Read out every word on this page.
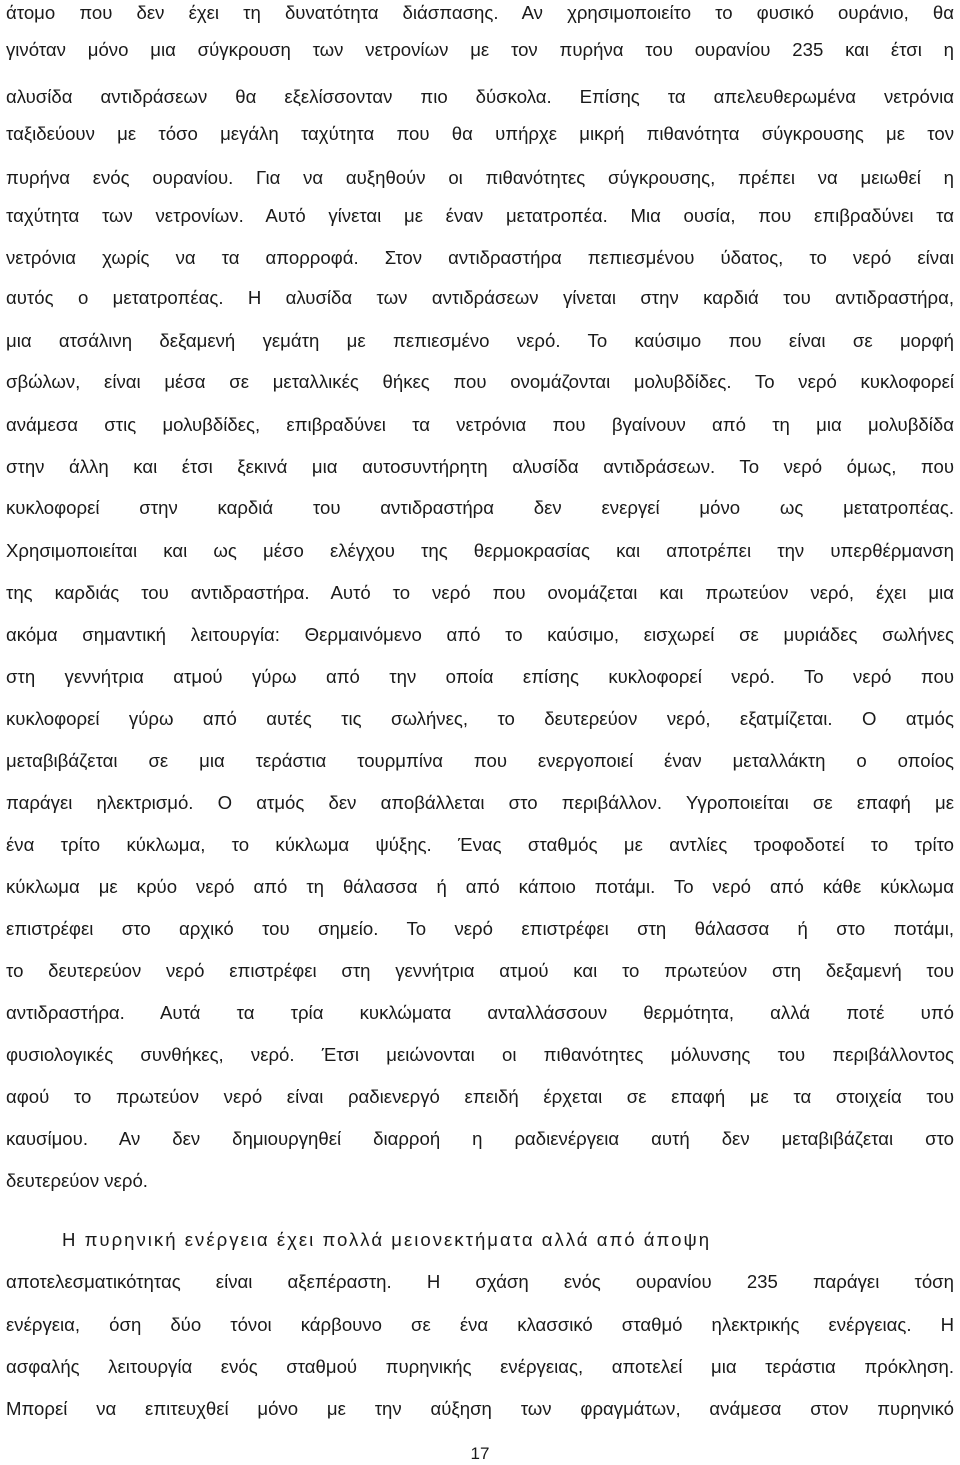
άτομο που δεν έχει τη δυνατότητα διάσπασης. Αν χρησιμοποιείτο το φυσικό ουράνιο, θα
γινόταν μόνο μια σύγκρουση των νετρονίων με τον πυρήνα του ουρανίου 235 και έτσι η
αλυσίδα αντιδράσεων θα εξελίσσονταν πιο δύσκολα. Επίσης τα απελευθερωμένα νετρόνια
ταξιδεύουν με τόσο μεγάλη ταχύτητα που θα υπήρχε μικρή πιθανότητα σύγκρουσης με τον
πυρήνα ενός ουρανίου. Για να αυξηθούν οι πιθανότητες σύγκρουσης, πρέπει να μειωθεί η
ταχύτητα των νετρονίων. Αυτό γίνεται με έναν μετατροπέα. Μια ουσία, που επιβραδύνει τα
νετρόνια χωρίς να τα απορροφά. Στον αντιδραστήρα πεπιεσμένου ύδατος, το νερό είναι
αυτός ο μετατροπέας. Η αλυσίδα των αντιδράσεων γίνεται στην καρδιά του αντιδραστήρα,
μια ατσάλινη δεξαμενή γεμάτη με πεπιεσμένο νερό. Το καύσιμο που είναι σε μορφή
σβώλων, είναι μέσα σε μεταλλικές θήκες που ονομάζονται μολυβδίδες. Το νερό κυκλοφορεί
ανάμεσα στις μολυβδίδες, επιβραδύνει τα νετρόνια που βγαίνουν από τη μια μολυβδίδα
στην άλλη και έτσι ξεκινά μια αυτοσυντήρητη αλυσίδα αντιδράσεων. Το νερό όμως, που
κυκλοφορεί στην καρδιά του αντιδραστήρα δεν ενεργεί μόνο ως μετατροπέας.
Χρησιμοποιείται και ως μέσο ελέγχου της θερμοκρασίας και αποτρέπει την υπερθέρμανση
της καρδιάς του αντιδραστήρα. Αυτό το νερό που ονομάζεται και πρωτεύον νερό, έχει μια
ακόμα σημαντική λειτουργία: Θερμαινόμενο από το καύσιμο, εισχωρεί σε μυριάδες σωλήνες
στη γεννήτρια ατμού γύρω από την οποία επίσης κυκλοφορεί νερό. Το νερό που
κυκλοφορεί γύρω από αυτές τις σωλήνες, το δευτερεύον νερό, εξατμίζεται. Ο ατμός
μεταβιβάζεται σε μια τεράστια τουρμπίνα που ενεργοποιεί έναν μεταλλάκτη ο οποίος
παράγει ηλεκτρισμό. Ο ατμός δεν αποβάλλεται στο περιβάλλον. Υγροποιείται σε επαφή με
ένα τρίτο κύκλωμα, το κύκλωμα ψύξης. Ένας σταθμός με αντλίες τροφοδοτεί το τρίτο
κύκλωμα με κρύο νερό από τη θάλασσα ή από κάποιο ποτάμι. Το νερό από κάθε κύκλωμα
επιστρέφει στο αρχικό του σημείο. Το νερό επιστρέφει στη θάλασσα ή στο ποτάμι,
το δευτερεύον νερό επιστρέφει στη γεννήτρια ατμού και το πρωτεύον στη δεξαμενή του
αντιδραστήρα. Αυτά τα τρία κυκλώματα ανταλλάσσουν θερμότητα, αλλά ποτέ υπό
φυσιολογικές συνθήκες, νερό. Έτσι μειώνονται οι πιθανότητες μόλυνσης του περιβάλλοντος
αφού το πρωτεύον νερό είναι ραδιενεργό επειδή έρχεται σε επαφή με τα στοιχεία του
καυσίμου. Αν δεν δημιουργηθεί διαρροή η ραδιενέργεια αυτή δεν μεταβιβάζεται στο
δευτερεύον νερό.
Η πυρηνική ενέργεια έχει πολλά μειονεκτήματα αλλά από άποψη
αποτελεσματικότητας είναι αξεπέραστη. Η σχάση ενός ουρανίου 235 παράγει τόση
ενέργεια, όση δύο τόνοι κάρβουνο σε ένα κλασσικό σταθμό ηλεκτρικής ενέργειας. Η
ασφαλής λειτουργία ενός σταθμού πυρηνικής ενέργειας, αποτελεί μια τεράστια πρόκληση.
Μπορεί να επιτευχθεί μόνο με την αύξηση των φραγμάτων, ανάμεσα στον πυρηνικό
17
